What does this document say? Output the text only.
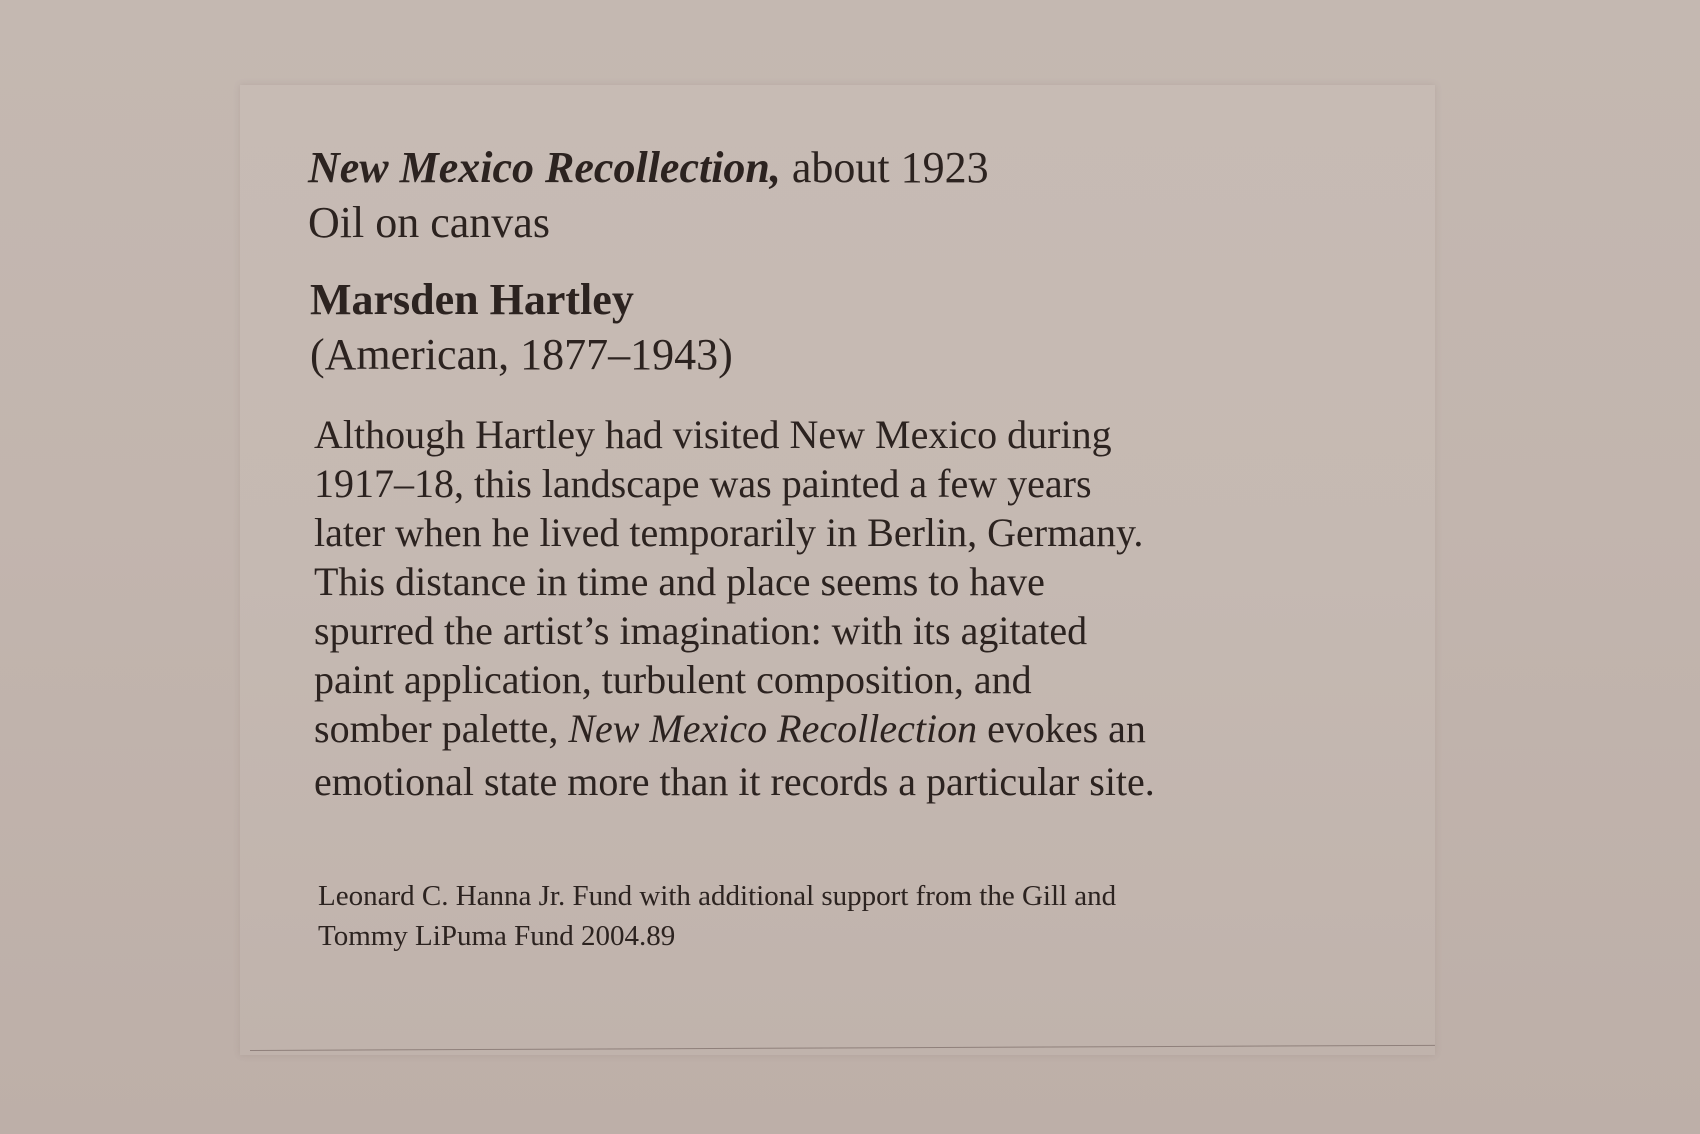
New Mexico Recollection, about 1923

Oil on canvas

Marsden Hartley

(American, 1877–1943)

Although Hartley had visited New Mexico during
1917–18, this landscape was painted a few years
later when he lived temporarily in Berlin, Germany.
This distance in time and place seems to have
spurred the artist’s imagination: with its agitated
paint application, turbulent composition, and
somber palette, New Mexico Recollection evokes an
emotional state more than it records a particular site.

Leonard C. Hanna Jr. Fund with additional support from the Gill and
Tommy LiPuma Fund 2004.89
